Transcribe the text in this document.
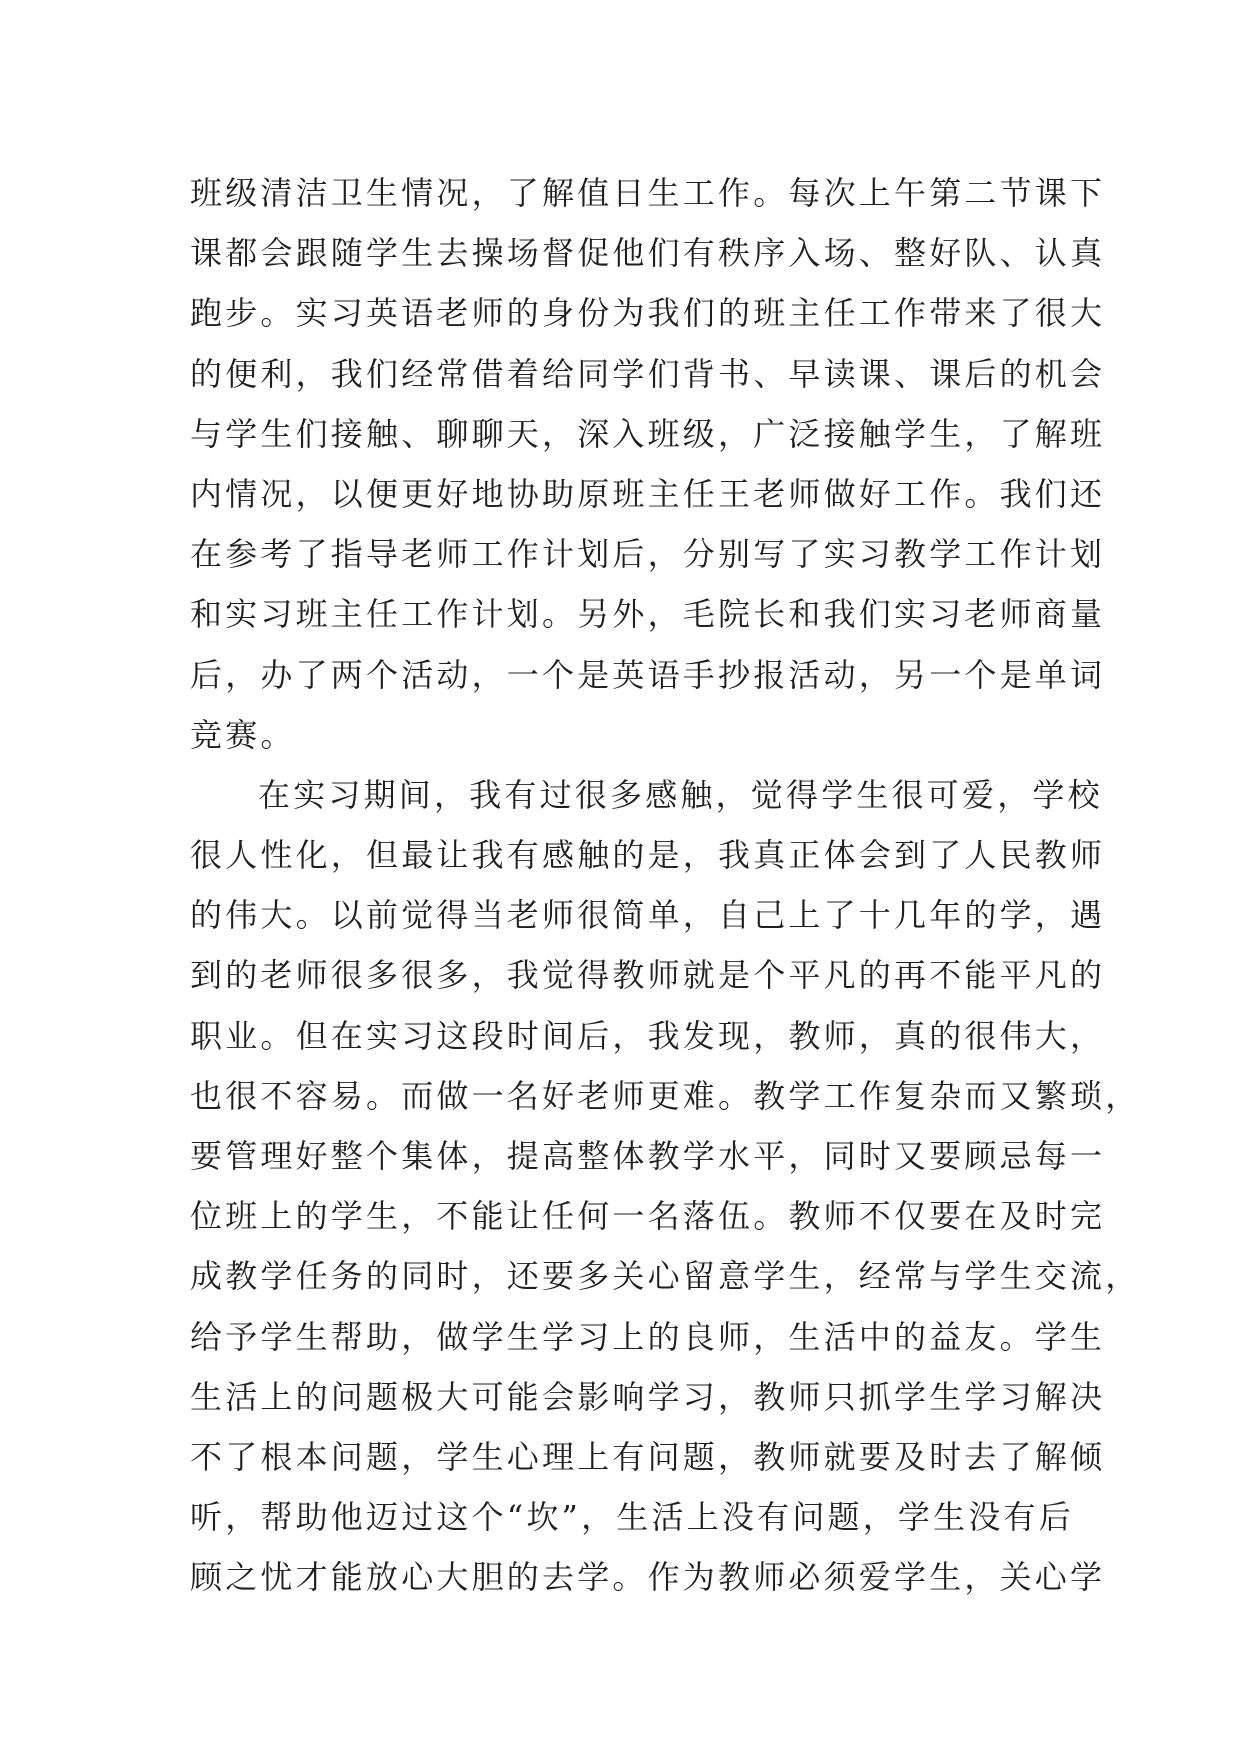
班级清洁卫生情况，了解值日生工作。每次上午第二节课下
课都会跟随学生去操场督促他们有秩序入场、整好队、认真
跑步。实习英语老师的身份为我们的班主任工作带来了很大
的便利，我们经常借着给同学们背书、早读课、课后的机会
与学生们接触、聊聊天，深入班级，广泛接触学生，了解班
内情况，以便更好地协助原班主任王老师做好工作。我们还
在参考了指导老师工作计划后，分别写了实习教学工作计划
和实习班主任工作计划。另外，毛院长和我们实习老师商量
后，办了两个活动，一个是英语手抄报活动，另一个是单词
竞赛。
在实习期间，我有过很多感触，觉得学生很可爱，学校
很人性化，但最让我有感触的是，我真正体会到了人民教师
的伟大。以前觉得当老师很简单，自己上了十几年的学，遇
到的老师很多很多，我觉得教师就是个平凡的再不能平凡的
职业。但在实习这段时间后，我发现，教师，真的很伟大，
也很不容易。而做一名好老师更难。教学工作复杂而又繁琐，
要管理好整个集体，提高整体教学水平，同时又要顾忌每一
位班上的学生，不能让任何一名落伍。教师不仅要在及时完
成教学任务的同时，还要多关心留意学生，经常与学生交流，
给予学生帮助，做学生学习上的良师，生活中的益友。学生
生活上的问题极大可能会影响学习，教师只抓学生学习解决
不了根本问题，学生心理上有问题，教师就要及时去了解倾
听，帮助他迈过这个“坎”，生活上没有问题，学生没有后
顾之忧才能放心大胆的去学。作为教师必须爱学生，关心学
